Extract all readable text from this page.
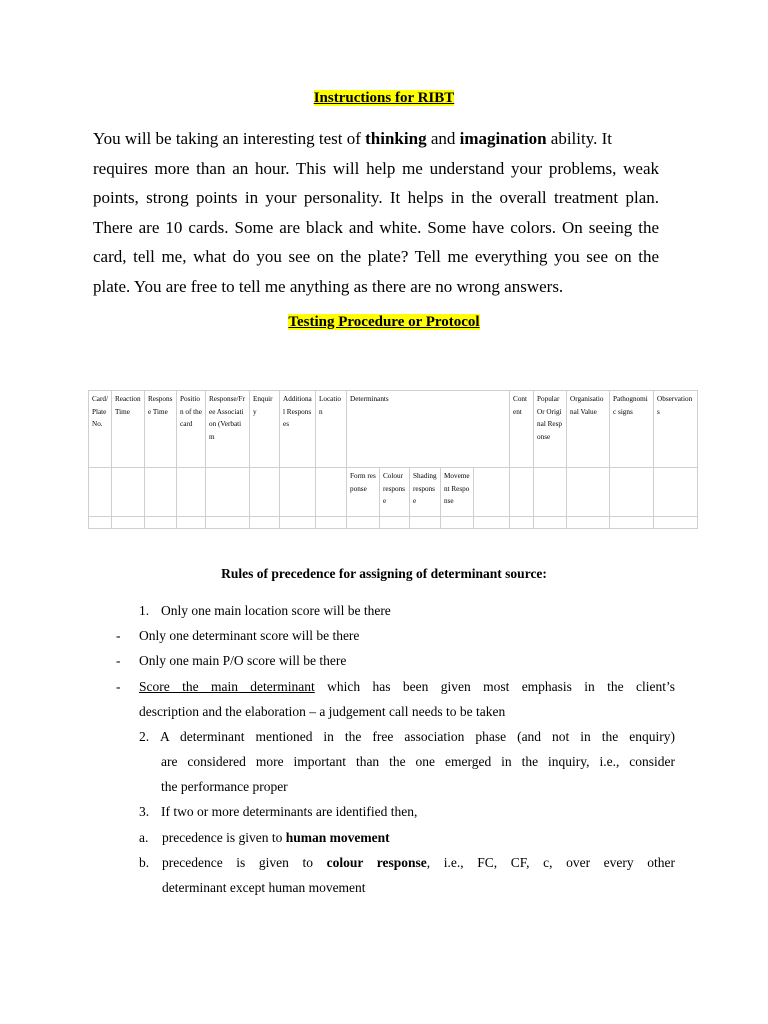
Instructions for RIBT
You will be taking an interesting test of thinking and imagination ability. It
requires more than an hour. This will help me understand your problems, weak
points, strong points in your personality. It helps in the overall treatment plan.
There are 10 cards. Some are black and white. Some have colors. On seeing the
card, tell me, what do you see on the plate? Tell me everything you see on the
plate. You are free to tell me anything as there are no wrong answers.
Testing Procedure or Protocol
Card/Plate No.	Reaction Time	Response Time	Position of the card	Response/Free Association (Verbatim	Enquiry	Additional Responses	Location	Determinants					Content	Popular Or Original Response	Organisational Value	Pathognomic signs	Observations
								Form response	Colour response	Shading response	Movement Response						

Rules of precedence for assigning of determinant source:
1. Only one main location score will be there
- Only one determinant score will be there
- Only one main P/O score will be there
- Score the main determinant which has been given most emphasis in the client’s
description and the elaboration – a judgement call needs to be taken
2. A determinant mentioned in the free association phase (and not in the enquiry)
are considered more important than the one emerged in the inquiry, i.e., consider
the performance proper
3. If two or more determinants are identified then,
a. precedence is given to human movement
b. precedence is given to colour response, i.e., FC, CF, c, over every other
determinant except human movement
